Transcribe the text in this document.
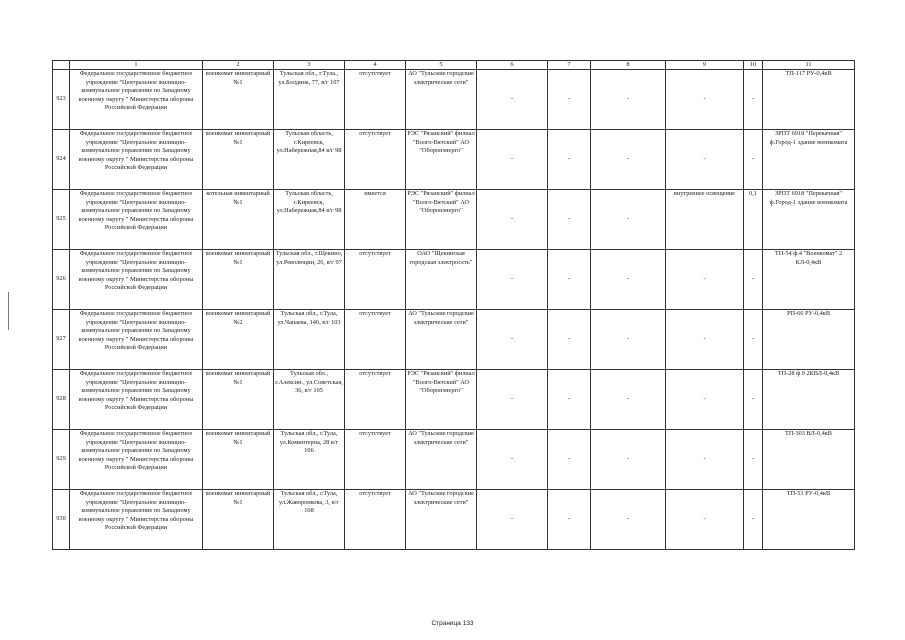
	1	2	3	4	5	6	7	8	9	10	11
923	Федеральное государственное бюджетное учреждение "Центральное жилищно-коммунальное управление по Западному военному округу " Министерства обороны Российской Федерации	военкомат инвентарный №1	Тульская обл., г.Тула., ул.Болдина, 77, в/г 107	отсутствует	АО "Тульские городские электрические сети"	-	-	-	-	-	ТП-117 РУ-0,4кВ
924	Федеральное государственное бюджетное учреждение "Центральное жилищно-коммунальное управление по Западному военному округу " Министерства обороны Российской Федерации	военкомат инвентарный №1	Тульская область, г.Киреевск, ул.Набережная,84 в/г 98	отсутствует	РЭС "Рязанский" филиал "Волго-Вятский" АО "Оборонэнерго"	-	-	-	-	-	ЗРПТ 6918 "Перекачная" ф.Город-1 здание военкомата
925	Федеральное государственное бюджетное учреждение "Центральное жилищно-коммунальное управление по Западному военному округу " Министерства обороны Российской Федерации	котельная инвентарный №1	Тульская область, г.Киреевск, ул.Набережная,84 в/г 98	имеется	РЭС "Рязанский" филиал "Волго-Вятский" АО "Оборонэнерго"	-	-	-	внутреннее освещение	0,1	ЗРПТ 6918 "Перекачная" ф.Город-1 здание военкомата
926	Федеральное государственное бюджетное учреждение "Центральное жилищно-коммунальное управление по Западному военному округу " Министерства обороны Российской Федерации	военкомат инвентарный №1	Тульская обл., г.Щекино, ул.Революции, 26, в/г 97	отсутствует	ОАО "Щекинская городская электросеть"	-	-	-	-	-	ТП-54 ф.4 "Военкомат" 2 КЛ-0,4кВ
927	Федеральное государственное бюджетное учреждение "Центральное жилищно-коммунальное управление по Западному военному округу " Министерства обороны Российской Федерации	военкомат инвентарный №2	Тульская обл., г.Тула, ул.Чапаева, 140, в/г 103	отсутствует	АО "Тульские городские электрические сети"	-	-	-	-	-	РП-66 РУ-0,4кВ
928	Федеральное государственное бюджетное учреждение "Центральное жилищно-коммунальное управление по Западному военному округу " Министерства обороны Российской Федерации	военкомат инвентарный №1	Тульская обл., г.Алексин., ул.Советская, 36, в/г 105	отсутствует	РЭС "Рязанский" филиал "Волго-Вятский" АО "Оборонэнерго"	-	-	-	-	-	ТП-28 ф.9 2КВЛ-0,4кВ
929	Федеральное государственное бюджетное учреждение "Центральное жилищно-коммунальное управление по Западному военному округу " Министерства обороны Российской Федерации	военкомат инвентарный №1	Тульская обл., г.Тула, ул.Коминтерна, 28 в/г 106	отсутствует	АО "Тульские городские электрические сети"	-	-	-	-	-	ТП-303 ВЛ-0,4кВ
930	Федеральное государственное бюджетное учреждение "Центральное жилищно-коммунальное управление по Западному военному округу " Министерства обороны Российской Федерации	военкомат инвентарный №1	Тульская обл., г.Тула, ул.Жаворонкова, 3, в/г 108	отсутствует	АО "Тульские городские электрические сети"	-	-	-	-	-	ТП-53 РУ-0,4кВ
Страница 133
